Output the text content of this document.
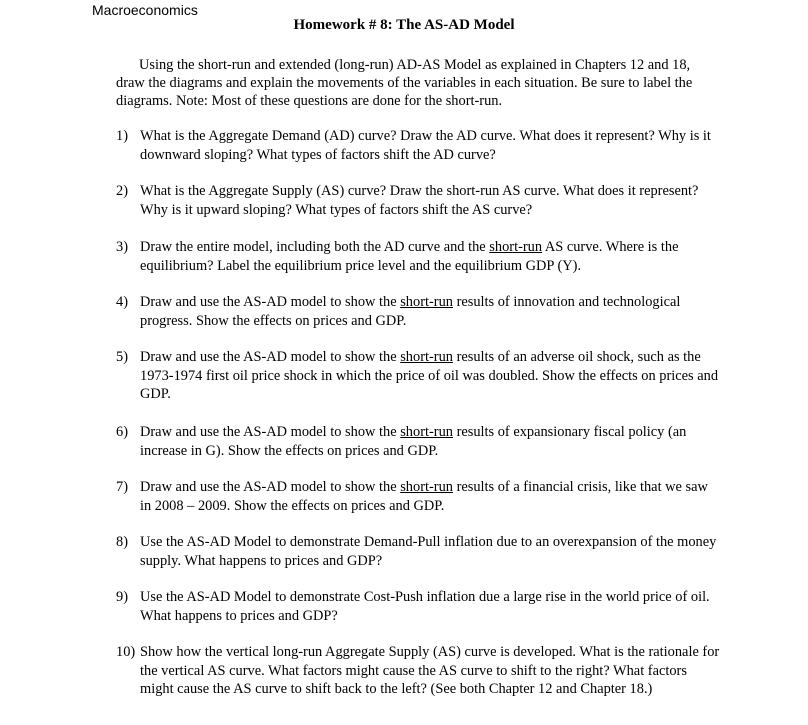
Macroeconomics

Homework # 8: The AS-AD Model

Using the short-run and extended (long-run) AD-AS Model as explained in Chapters 12 and 18, draw the diagrams and explain the movements of the variables in each situation. Be sure to label the diagrams. Note: Most of these questions are done for the short-run.

1) What is the Aggregate Demand (AD) curve? Draw the AD curve. What does it represent? Why is it downward sloping? What types of factors shift the AD curve?
2) What is the Aggregate Supply (AS) curve? Draw the short-run AS curve. What does it represent? Why is it upward sloping? What types of factors shift the AS curve?
3) Draw the entire model, including both the AD curve and the short-run AS curve. Where is the equilibrium? Label the equilibrium price level and the equilibrium GDP (Y).
4) Draw and use the AS-AD model to show the short-run results of innovation and technological progress. Show the effects on prices and GDP.
5) Draw and use the AS-AD model to show the short-run results of an adverse oil shock, such as the 1973-1974 first oil price shock in which the price of oil was doubled. Show the effects on prices and GDP.
6) Draw and use the AS-AD model to show the short-run results of expansionary fiscal policy (an increase in G). Show the effects on prices and GDP.
7) Draw and use the AS-AD model to show the short-run results of a financial crisis, like that we saw in 2008 – 2009. Show the effects on prices and GDP.
8) Use the AS-AD Model to demonstrate Demand-Pull inflation due to an overexpansion of the money supply. What happens to prices and GDP?
9) Use the AS-AD Model to demonstrate Cost-Push inflation due a large rise in the world price of oil. What happens to prices and GDP?
10) Show how the vertical long-run Aggregate Supply (AS) curve is developed. What is the rationale for the vertical AS curve. What factors might cause the AS curve to shift to the right? What factors might cause the AS curve to shift back to the left? (See both Chapter 12 and Chapter 18.)
